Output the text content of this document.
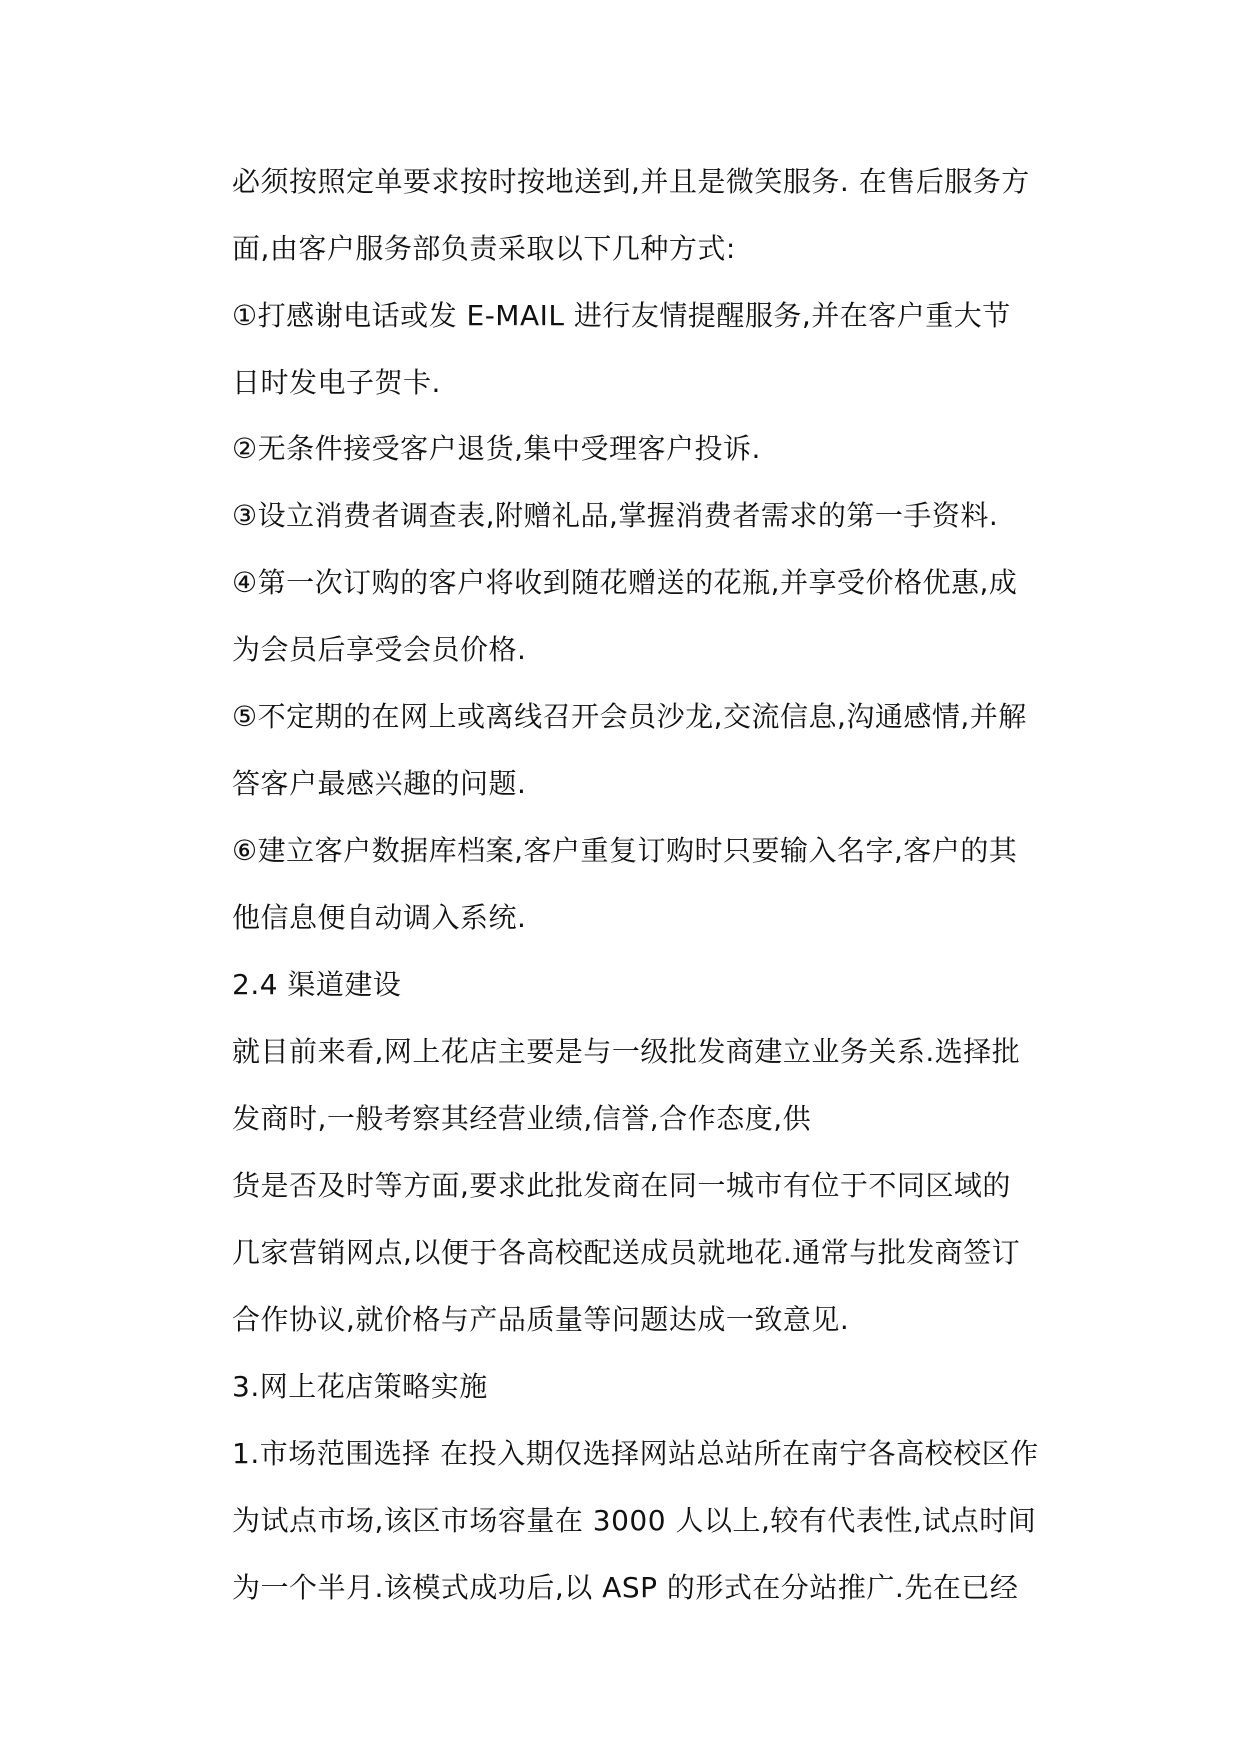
必须按照定单要求按时按地送到,并且是微笑服务. 在售后服务方
面,由客户服务部负责采取以下几种方式:
①打感谢电话或发 E-MAIL 进行友情提醒服务,并在客户重大节
日时发电子贺卡.
②无条件接受客户退货,集中受理客户投诉.
③设立消费者调查表,附赠礼品,掌握消费者需求的第一手资料.
④第一次订购的客户将收到随花赠送的花瓶,并享受价格优惠,成
为会员后享受会员价格.
⑤不定期的在网上或离线召开会员沙龙,交流信息,沟通感情,并解
答客户最感兴趣的问题.
⑥建立客户数据库档案,客户重复订购时只要输入名字,客户的其
他信息便自动调入系统.
2.4 渠道建设
就目前来看,网上花店主要是与一级批发商建立业务关系.选择批
发商时,一般考察其经营业绩,信誉,合作态度,供
货是否及时等方面,要求此批发商在同一城市有位于不同区域的
几家营销网点,以便于各高校配送成员就地花.通常与批发商签订
合作协议,就价格与产品质量等问题达成一致意见.
3.网上花店策略实施
1.市场范围选择 在投入期仅选择网站总站所在南宁各高校校区作
为试点市场,该区市场容量在 3000 人以上,较有代表性,试点时间
为一个半月.该模式成功后,以 ASP 的形式在分站推广.先在已经
